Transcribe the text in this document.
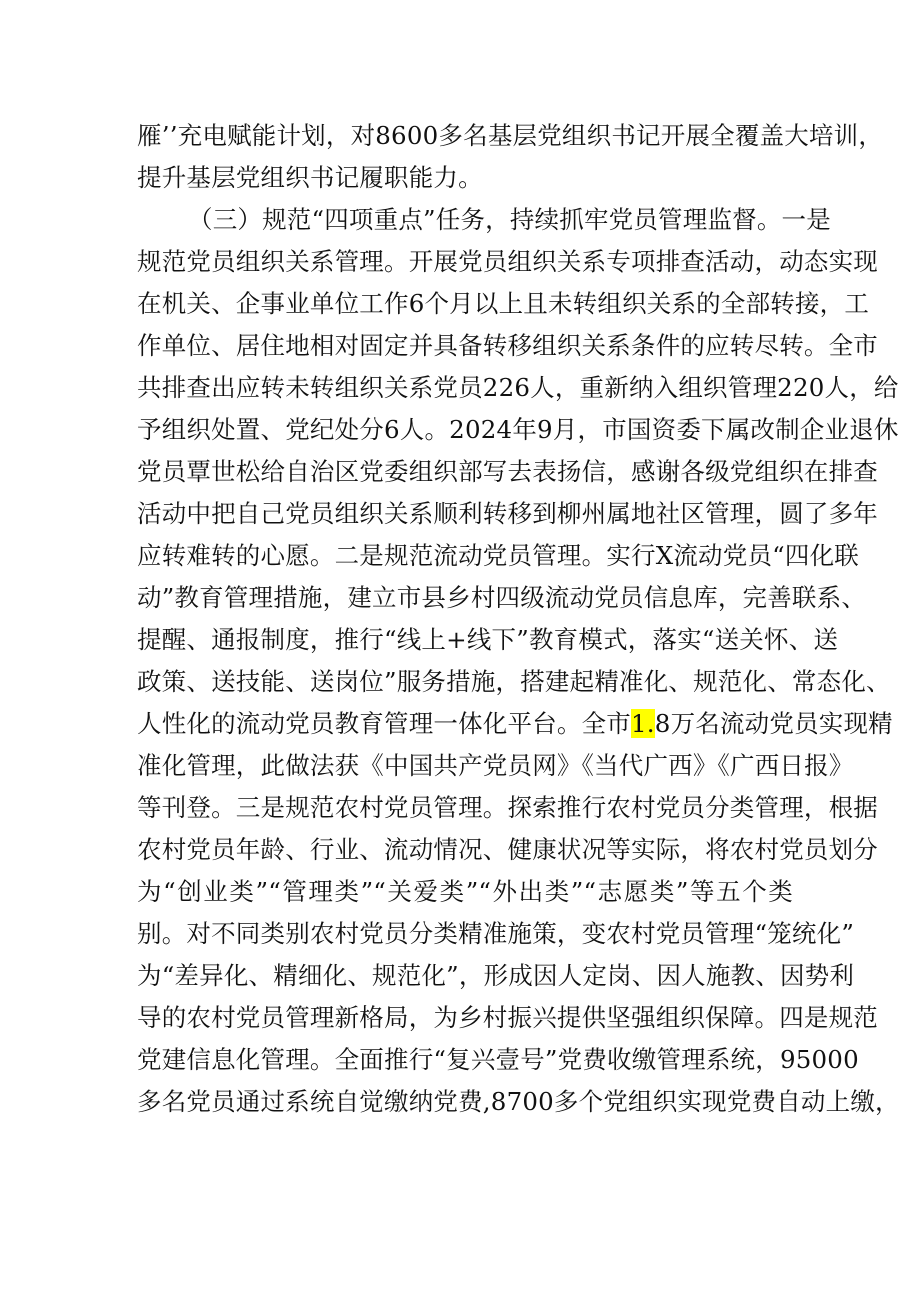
雁’’充电赋能计划，对8600多名基层党组织书记开展全覆盖大培训，
提升基层党组织书记履职能力。
（三）规范“四项重点”任务，持续抓牢党员管理监督。一是
规范党员组织关系管理。开展党员组织关系专项排查活动，动态实现
在机关、企事业单位工作6个月以上且未转组织关系的全部转接，工
作单位、居住地相对固定并具备转移组织关系条件的应转尽转。全市
共排查出应转未转组织关系党员226人，重新纳入组织管理220人，给
予组织处置、党纪处分6人。2024年9月，市国资委下属改制企业退休
党员覃世松给自治区党委组织部写去表扬信，感谢各级党组织在排查
活动中把自己党员组织关系顺利转移到柳州属地社区管理，圆了多年
应转难转的心愿。二是规范流动党员管理。实行X流动党员“四化联
动”教育管理措施，建立市县乡村四级流动党员信息库，完善联系、
提醒、通报制度，推行“线上+线下”教育模式，落实“送关怀、送
政策、送技能、送岗位”服务措施，搭建起精准化、规范化、常态化、
人性化的流动党员教育管理一体化平台。全市1.8万名流动党员实现精
准化管理，此做法获《中国共产党员网》《当代广西》《广西日报》
等刊登。三是规范农村党员管理。探索推行农村党员分类管理，根据
农村党员年龄、行业、流动情况、健康状况等实际，将农村党员划分
为“创业类”“管理类”“关爱类”“外出类”“志愿类”等五个类
别。对不同类别农村党员分类精准施策，变农村党员管理“笼统化”
为“差异化、精细化、规范化”，形成因人定岗、因人施教、因势利
导的农村党员管理新格局，为乡村振兴提供坚强组织保障。四是规范
党建信息化管理。全面推行“复兴壹号”党费收缴管理系统，95000
多名党员通过系统自觉缴纳党费,8700多个党组织实现党费自动上缴，
